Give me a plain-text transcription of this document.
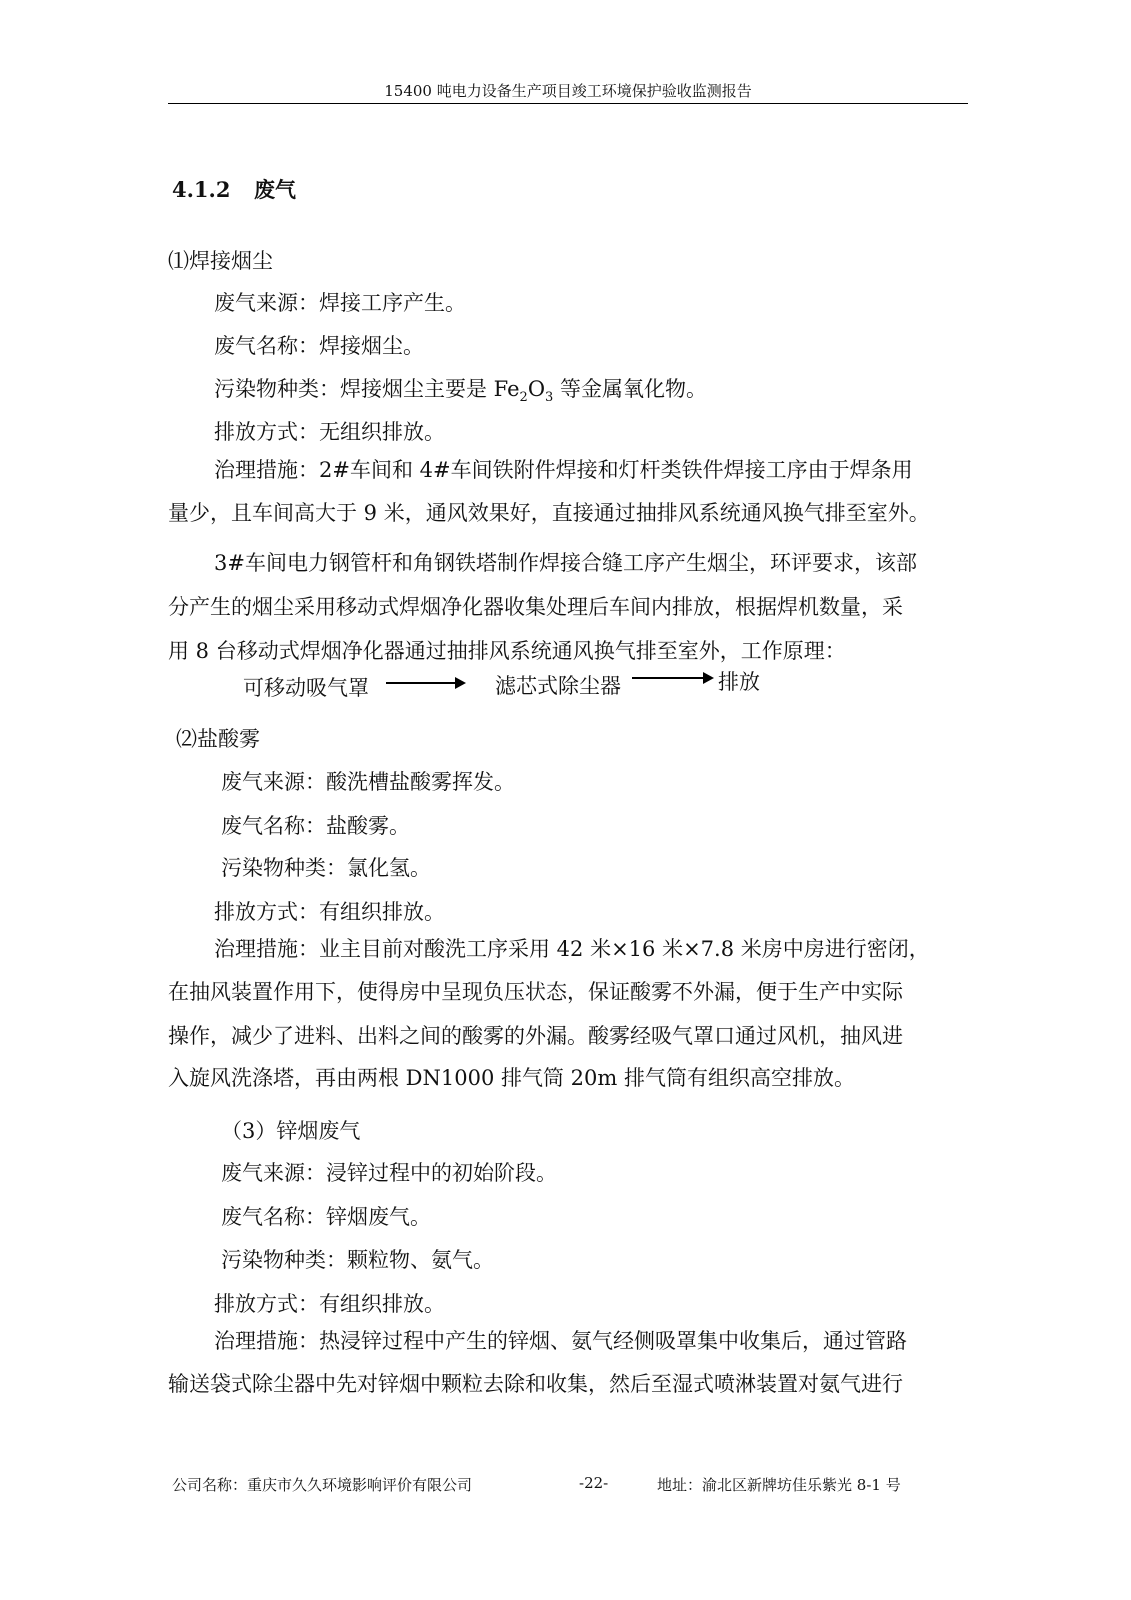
15400 吨电力设备生产项目竣工环境保护验收监测报告
4.1.2 废气
⑴焊接烟尘
废气来源：焊接工序产生。
废气名称：焊接烟尘。
污染物种类：焊接烟尘主要是 $Fe_2O_3$ 等金属氧化物。
排放方式：无组织排放。
治理措施：2#车间和 4#车间铁附件焊接和灯杆类铁件焊接工序由于焊条用
量少，且车间高大于 9 米，通风效果好，直接通过抽排风系统通风换气排至室外。
3#车间电力钢管杆和角钢铁塔制作焊接合缝工序产生烟尘，环评要求，该部
分产生的烟尘采用移动式焊烟净化器收集处理后车间内排放，根据焊机数量，采
用 8 台移动式焊烟净化器通过抽排风系统通风换气排至室外，工作原理：
可移动吸气罩	滤芯式除尘器	排放
⑵盐酸雾
废气来源：酸洗槽盐酸雾挥发。
废气名称：盐酸雾。
污染物种类：氯化氢。
排放方式：有组织排放。
治理措施：业主目前对酸洗工序采用 42 米×16 米×7.8 米房中房进行密闭，
在抽风装置作用下，使得房中呈现负压状态，保证酸雾不外漏，便于生产中实际
操作，减少了进料、出料之间的酸雾的外漏。酸雾经吸气罩口通过风机，抽风进
入旋风洗涤塔，再由两根 DN1000 排气筒 20m 排气筒有组织高空排放。
（3）锌烟废气
废气来源：浸锌过程中的初始阶段。
废气名称：锌烟废气。
污染物种类：颗粒物、氨气。
排放方式：有组织排放。
治理措施：热浸锌过程中产生的锌烟、氨气经侧吸罩集中收集后，通过管路
输送袋式除尘器中先对锌烟中颗粒去除和收集，然后至湿式喷淋装置对氨气进行
公司名称：重庆市久久环境影响评价有限公司	-22-	地址：渝北区新牌坊佳乐紫光 8-1 号
